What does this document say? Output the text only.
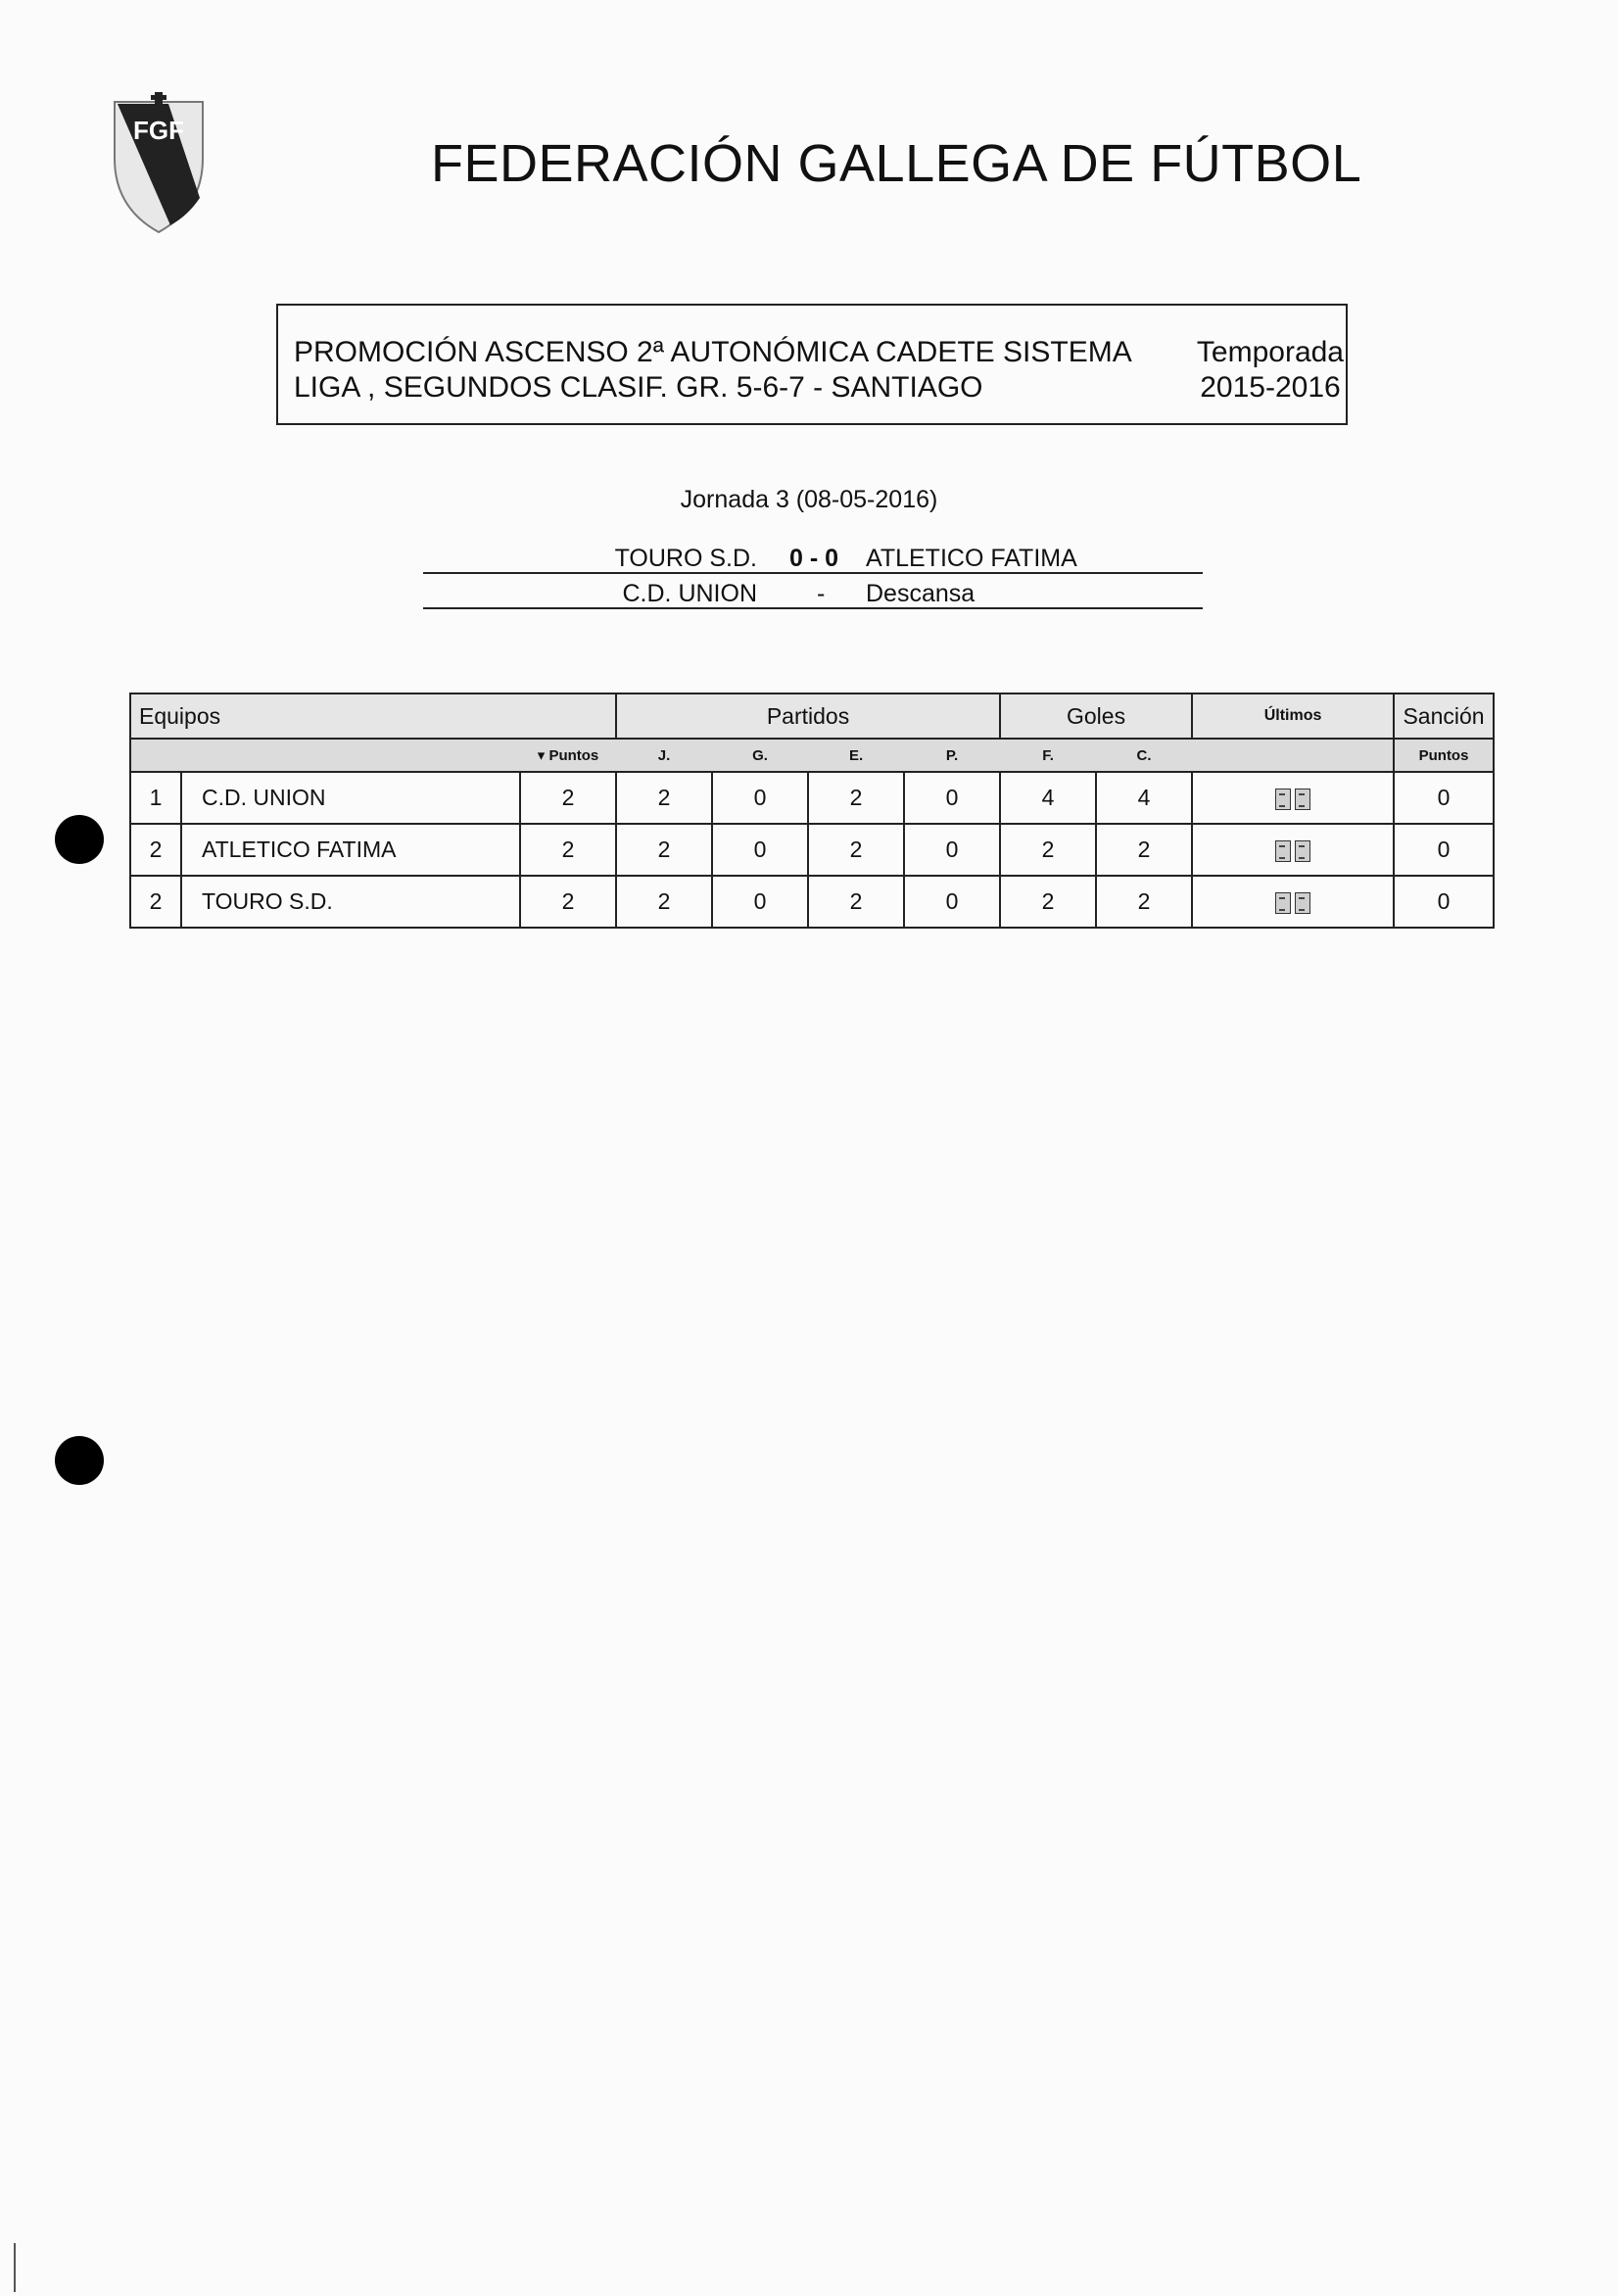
FGF
FEDERACIÓN GALLEGA DE FÚTBOL
PROMOCIÓN ASCENSO 2ª AUTONÓMICA CADETE SISTEMA
LIGA , SEGUNDOS CLASIF. GR. 5-6-7 - SANTIAGO
Temporada
2015-2016
Jornada 3 (08-05-2016)
TOURO S.D. 0 - 0 ATLETICO FATIMA
C.D. UNION - Descansa
Equipos			Partidos				Goles		Últimos	Sanción
		▾ Puntos	J.	G.	E.	P.	F.	C.		Puntos
1	C.D. UNION	2	2	0	2	0	4	4		0
2	ATLETICO FATIMA	2	2	0	2	0	2	2		0
2	TOURO S.D.	2	2	0	2	0	2	2		0
